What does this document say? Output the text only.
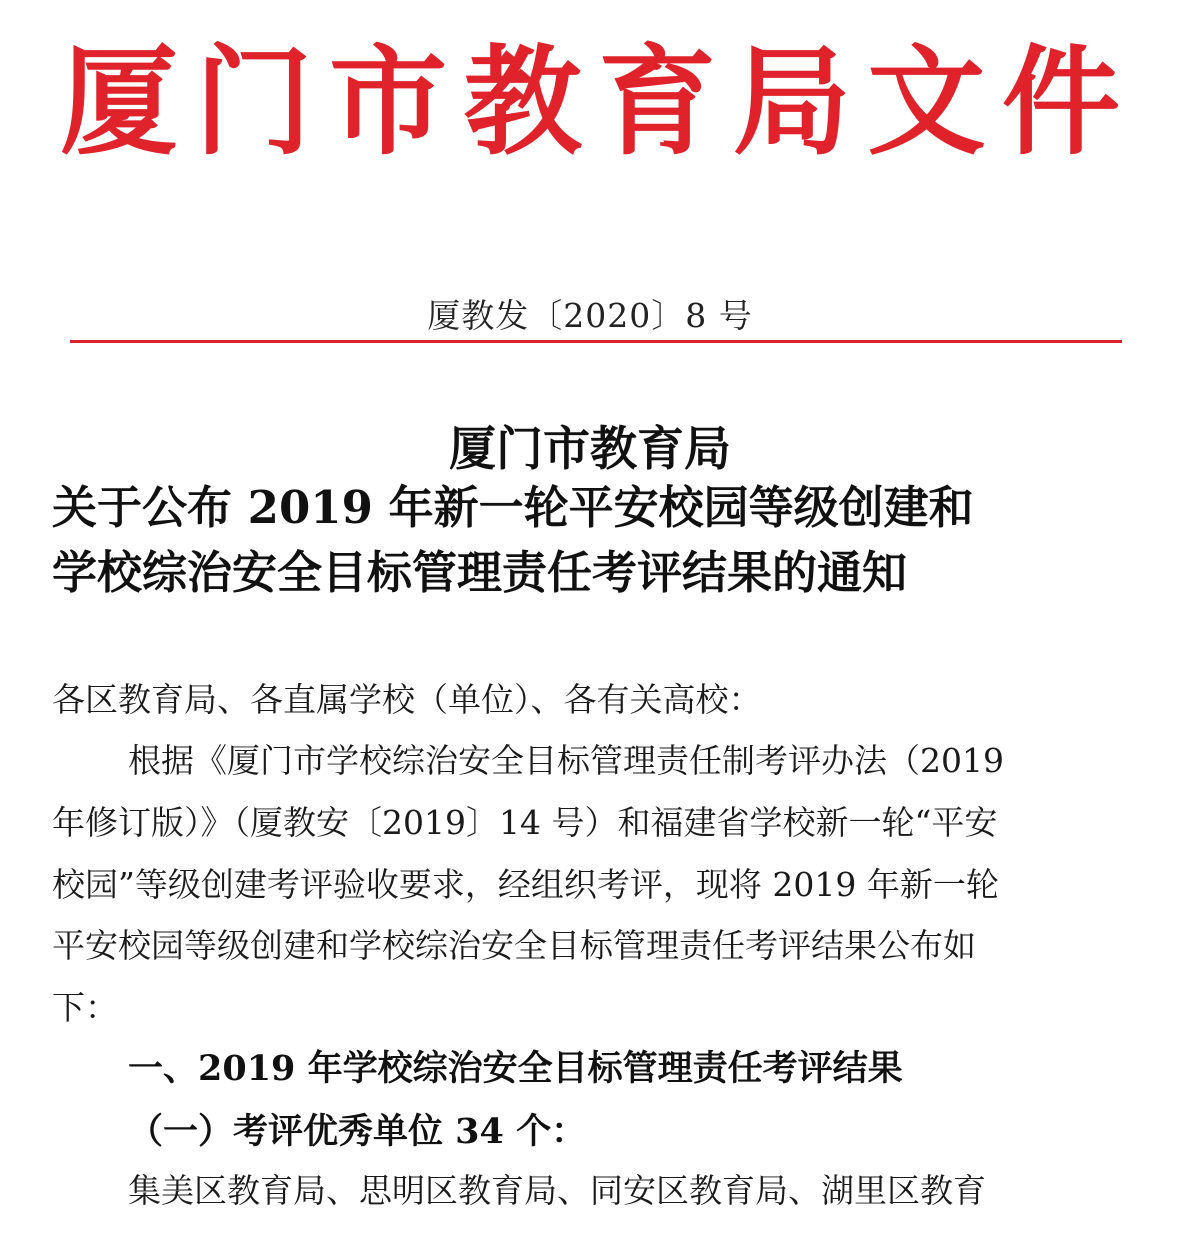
厦门市教育局文件
厦教发〔2020〕8 号
厦门市教育局
关于公布 2019 年新一轮平安校园等级创建和
学校综治安全目标管理责任考评结果的通知
各区教育局、各直属学校（单位）、各有关高校：
根据《厦门市学校综治安全目标管理责任制考评办法（2019
年修订版）》（厦教安〔2019〕14 号）和福建省学校新一轮“平安
校园”等级创建考评验收要求，经组织考评，现将 2019 年新一轮
平安校园等级创建和学校综治安全目标管理责任考评结果公布如
下：
一、2019 年学校综治安全目标管理责任考评结果
（一）考评优秀单位 34 个：
集美区教育局、思明区教育局、同安区教育局、湖里区教育
